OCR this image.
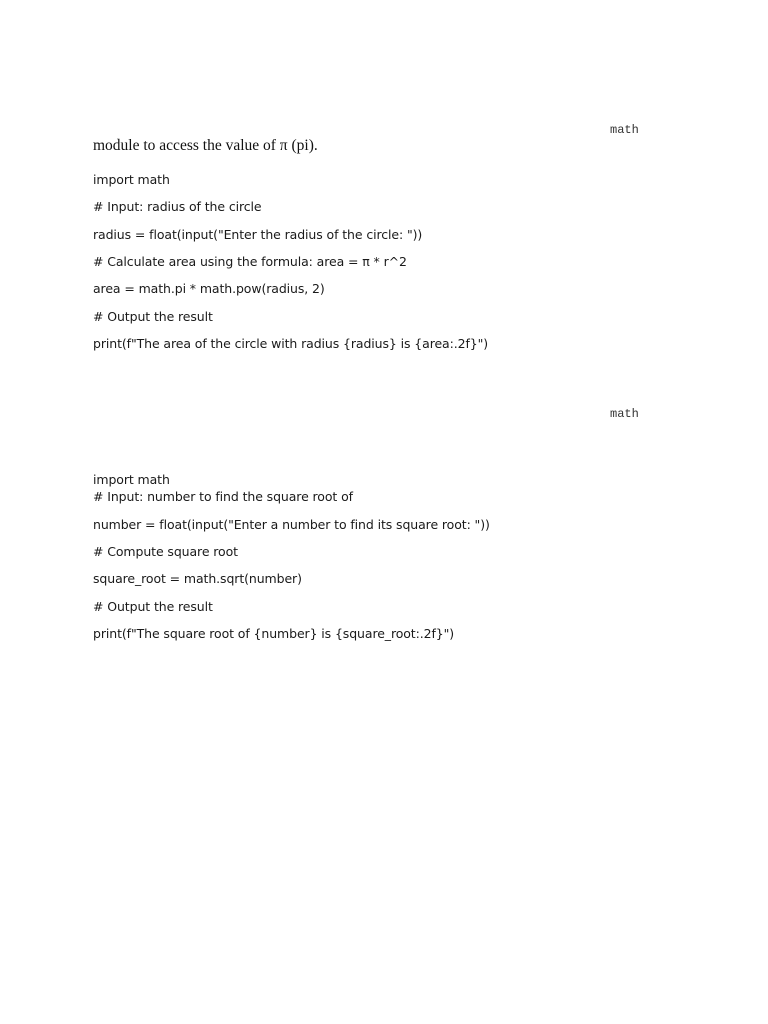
math
module to access the value of π (pi).
import math
# Input: radius of the circle
radius = float(input("Enter the radius of the circle: "))
# Calculate area using the formula: area = π * r^2
area = math.pi * math.pow(radius, 2)
# Output the result
print(f"The area of the circle with radius {radius} is {area:.2f}")
math
import math
# Input: number to find the square root of
number = float(input("Enter a number to find its square root: "))
# Compute square root
square_root = math.sqrt(number)
# Output the result
print(f"The square root of {number} is {square_root:.2f}")
